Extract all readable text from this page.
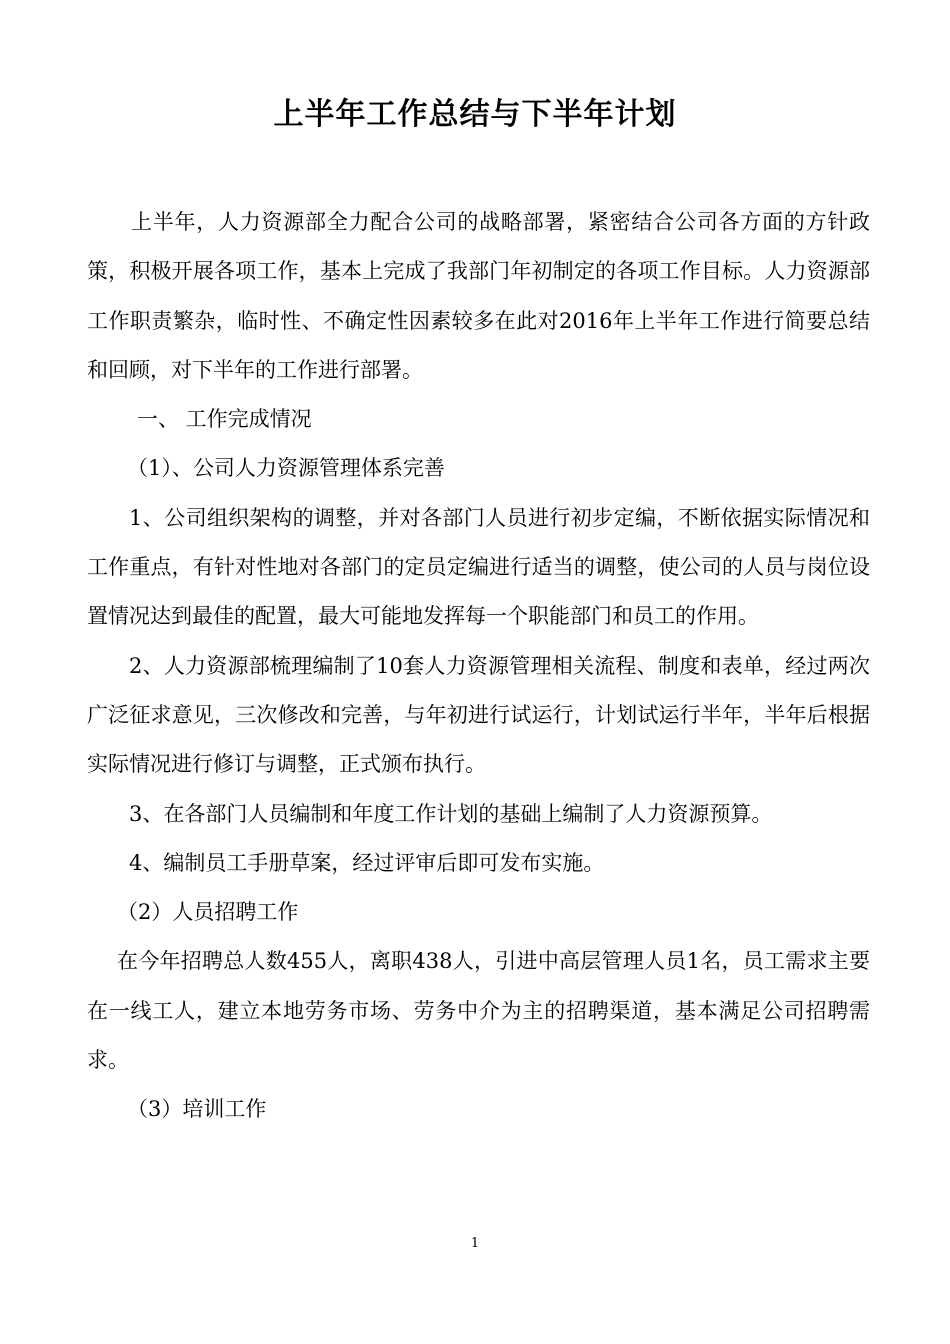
上半年工作总结与下半年计划

上半年，人力资源部全力配合公司的战略部署，紧密结合公司各方面的方针政策，积极开展各项工作，基本上完成了我部门年初制定的各项工作目标。人力资源部工作职责繁杂，临时性、不确定性因素较多在此对2016年上半年工作进行简要总结和回顾，对下半年的工作进行部署。

一、 工作完成情况

（1）、公司人力资源管理体系完善

1、公司组织架构的调整，并对各部门人员进行初步定编，不断依据实际情况和工作重点，有针对性地对各部门的定员定编进行适当的调整，使公司的人员与岗位设置情况达到最佳的配置，最大可能地发挥每一个职能部门和员工的作用。

2、人力资源部梳理编制了10套人力资源管理相关流程、制度和表单，经过两次广泛征求意见，三次修改和完善，与年初进行试运行，计划试运行半年，半年后根据实际情况进行修订与调整，正式颁布执行。

3、在各部门人员编制和年度工作计划的基础上编制了人力资源预算。

4、编制员工手册草案，经过评审后即可发布实施。

（2）人员招聘工作

在今年招聘总人数455人，离职438人，引进中高层管理人员1名，员工需求主要在一线工人，建立本地劳务市场、劳务中介为主的招聘渠道，基本满足公司招聘需求。

（3）培训工作

1
